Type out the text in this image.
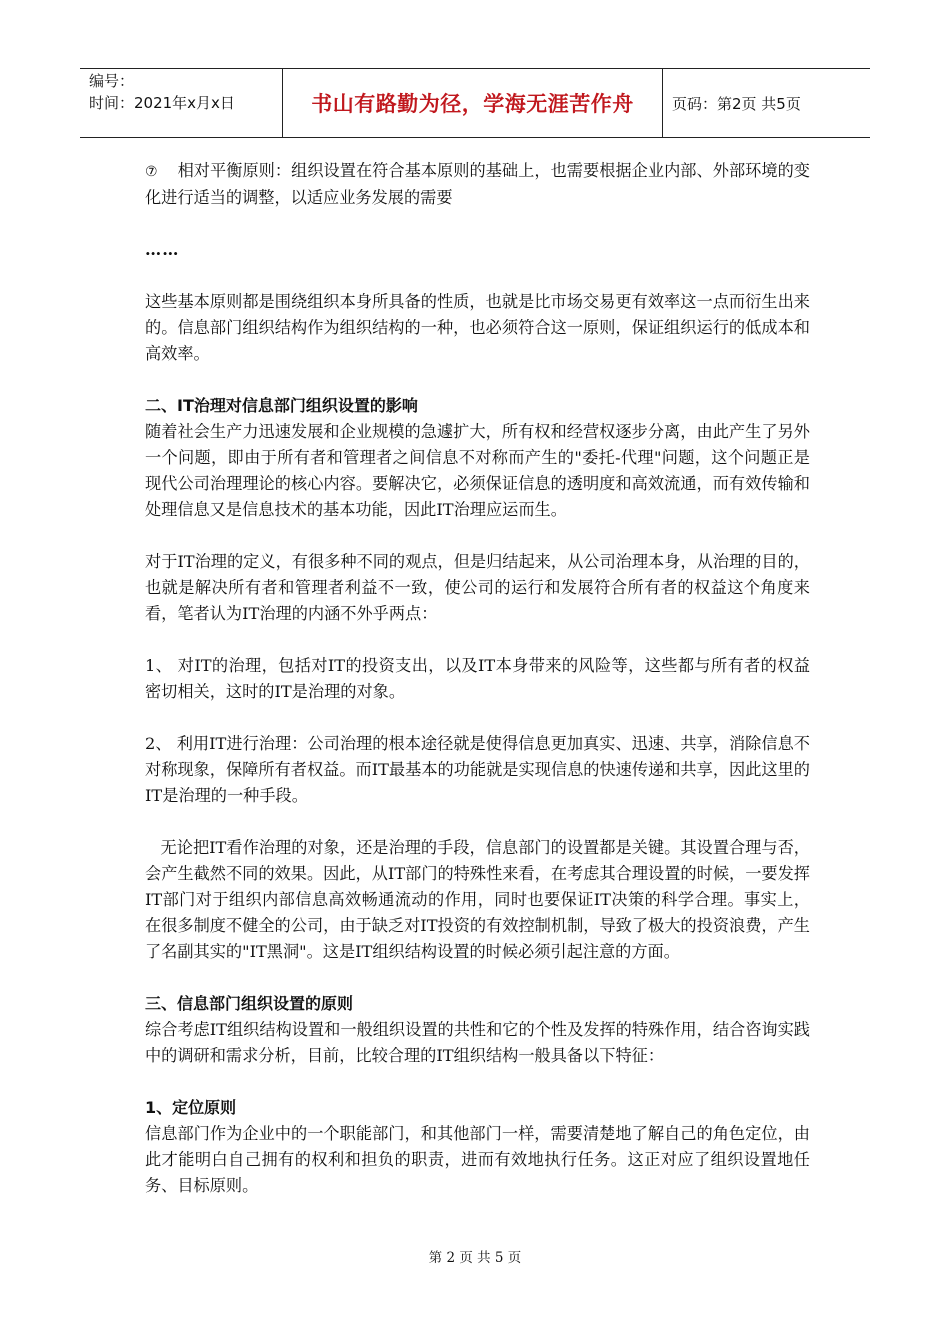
编号：
时间：2021年x月x日	书山有路勤为径，学海无涯苦作舟	页码：第2页 共5页

⑦ 相对平衡原则：组织设置在符合基本原则的基础上，也需要根据企业内部、外部环境的变化进行适当的调整，以适应业务发展的需要

……

这些基本原则都是围绕组织本身所具备的性质，也就是比市场交易更有效率这一点而衍生出来的。信息部门组织结构作为组织结构的一种，也必须符合这一原则，保证组织运行的低成本和高效率。

二、IT治理对信息部门组织设置的影响

随着社会生产力迅速发展和企业规模的急遽扩大，所有权和经营权逐步分离，由此产生了另外一个问题，即由于所有者和管理者之间信息不对称而产生的"委托-代理"问题，这个问题正是现代公司治理理论的核心内容。要解决它，必须保证信息的透明度和高效流通，而有效传输和处理信息又是信息技术的基本功能，因此IT治理应运而生。

对于IT治理的定义，有很多种不同的观点，但是归结起来，从公司治理本身，从治理的目的，也就是解决所有者和管理者利益不一致，使公司的运行和发展符合所有者的权益这个角度来看，笔者认为IT治理的内涵不外乎两点：

1、 对IT的治理，包括对IT的投资支出，以及IT本身带来的风险等，这些都与所有者的权益密切相关，这时的IT是治理的对象。

2、 利用IT进行治理：公司治理的根本途径就是使得信息更加真实、迅速、共享，消除信息不对称现象，保障所有者权益。而IT最基本的功能就是实现信息的快速传递和共享，因此这里的IT是治理的一种手段。

无论把IT看作治理的对象，还是治理的手段，信息部门的设置都是关键。其设置合理与否，会产生截然不同的效果。因此，从IT部门的特殊性来看，在考虑其合理设置的时候，一要发挥IT部门对于组织内部信息高效畅通流动的作用，同时也要保证IT决策的科学合理。事实上，在很多制度不健全的公司，由于缺乏对IT投资的有效控制机制，导致了极大的投资浪费，产生了名副其实的"IT黑洞"。这是IT组织结构设置的时候必须引起注意的方面。

三、信息部门组织设置的原则

综合考虑IT组织结构设置和一般组织设置的共性和它的个性及发挥的特殊作用，结合咨询实践中的调研和需求分析，目前，比较合理的IT组织结构一般具备以下特征：

1、定位原则

信息部门作为企业中的一个职能部门，和其他部门一样，需要清楚地了解自己的角色定位，由此才能明白自己拥有的权利和担负的职责，进而有效地执行任务。这正对应了组织设置地任务、目标原则。

第 2 页 共 5 页
